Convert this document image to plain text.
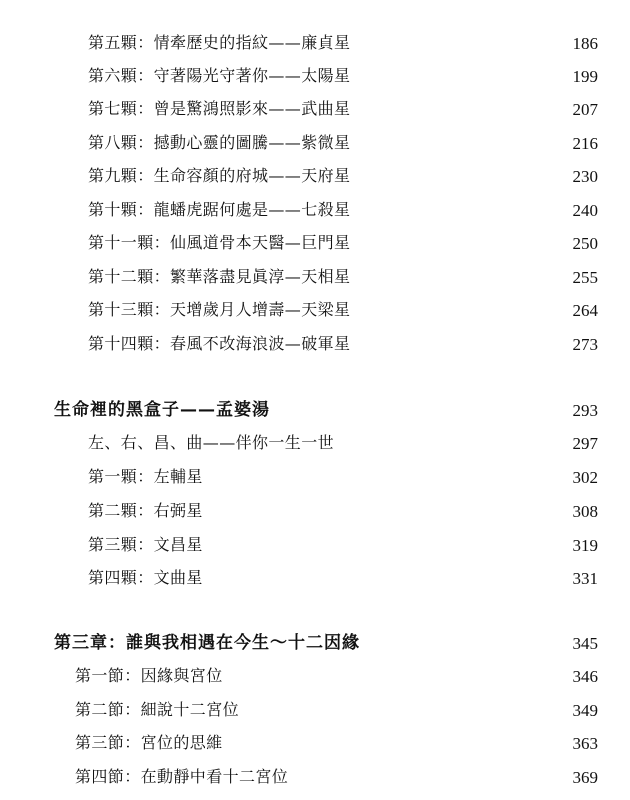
第五顆：情牽歷史的指紋——廉貞星	186
第六顆：守著陽光守著你——太陽星	199
第七顆：曾是驚鴻照影來——武曲星	207
第八顆：撼動心靈的圖騰——紫微星	216
第九顆：生命容顏的府城——天府星	230
第十顆：龍蟠虎踞何處是——七殺星	240
第十一顆：仙風道骨本天醫—巨門星	250
第十二顆：繁華落盡見眞淳—天相星	255
第十三顆：天增歲月人增壽—天梁星	264
第十四顆：春風不改海浪波—破軍星	273
生命裡的黑盒子——孟婆湯	293
左、右、昌、曲——伴你一生一世	297
第一顆：左輔星	302
第二顆：右弼星	308
第三顆：文昌星	319
第四顆：文曲星	331
第三章：誰與我相遇在今生～十二因緣	345
第一節：因緣與宮位	346
第二節：細說十二宮位	349
第三節：宮位的思維	363
第四節：在動靜中看十二宮位	369
